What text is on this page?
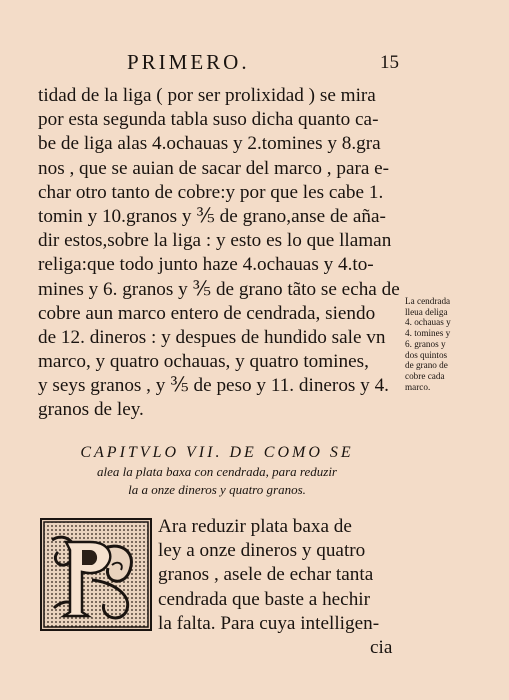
PRIMERO.	15
tidad de la liga ( por ser prolixidad ) se mira
por esta segunda tabla suso dicha quanto ca-
be de liga alas 4.ochauas y 2.tomines y 8.gra
nos , que se auian de sacar del marco , para e-
char otro tanto de cobre:y por que les cabe 1.
tomin y 10.granos y ⅗ de grano,anse de aña-
dir estos,sobre la liga : y esto es lo que llaman
religa:que todo junto haze 4.ochauas y 4.to-
mines y 6. granos y ⅗ de grano tãto se echa de
cobre aun marco entero de cendrada, siendo
de 12. dineros : y despues de hundido sale vn
marco, y quatro ochauas, y quatro tomines,
y seys granos , y ⅗ de peso y 11. dineros y 4.
granos de ley.
La cendrada
lleua deliga
4. ochauas y
4. tomines y
6. granos y
dos quintos
de grano de
cobre cada
marco.
CAPITVLO VII. DE COMO SE
alea la plata baxa con cendrada, para reduzir
la a onze dineros y quatro granos.
Ara reduzir plata baxa de
ley a onze dineros y quatro
granos , asele de echar tanta
cendrada que baste a hechir
la falta. Para cuya intelligen-
cia
